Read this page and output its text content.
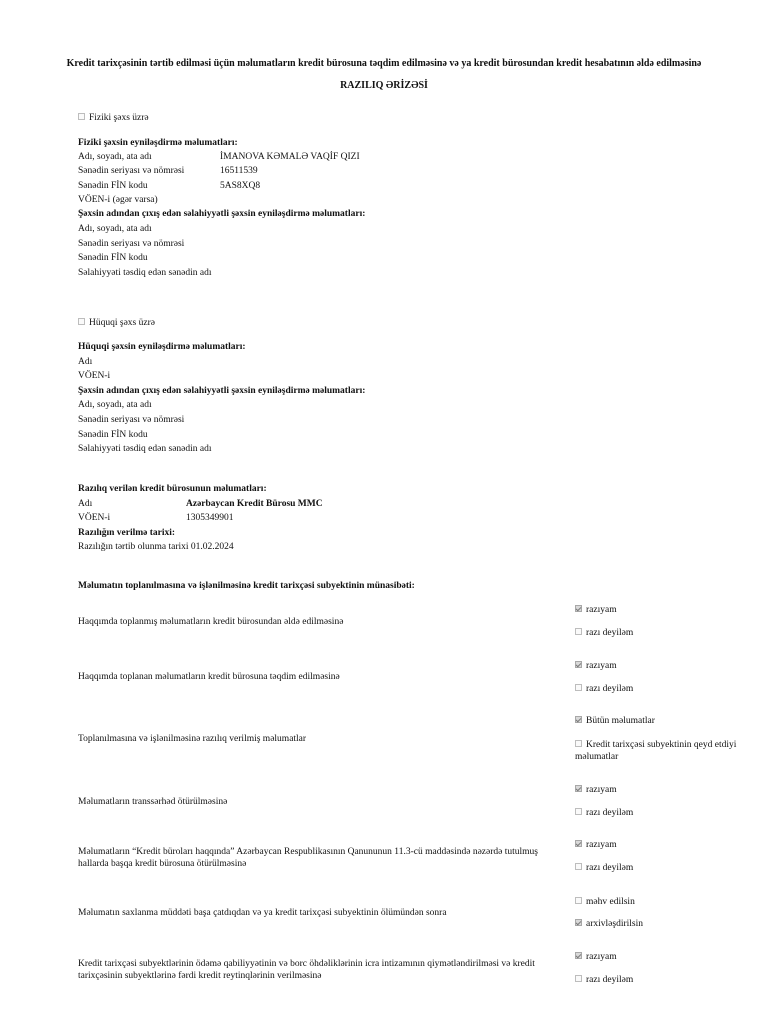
Kredit tarixçəsinin tərtib edilməsi üçün məlumatların kredit bürosuna təqdim edilməsinə və ya kredit bürosundan kredit hesabatının əldə edilməsinə
RAZILIQ ƏRİZƏSİ
Fiziki şəxs üzrə
Fiziki şəxsin eyniləşdirmə məlumatları:
Adı, soyadı, ata adı	İMANOVA KƏMALƏ VAQİF QIZI
Sənədin seriyası və nömrəsi	16511539
Sənədin FİN kodu	5AS8XQ8
VÖEN-i (əgər varsa)
Şəxsin adından çıxış edən səlahiyyətli şəxsin eyniləşdirmə məlumatları:
Adı, soyadı, ata adı
Sənədin seriyası və nömrəsi
Sənədin FİN kodu
Səlahiyyəti təsdiq edən sənədin adı
Hüquqi şəxs üzrə
Hüquqi şəxsin eyniləşdirmə məlumatları:
Adı
VÖEN-i
Şəxsin adından çıxış edən səlahiyyətli şəxsin eyniləşdirmə məlumatları:
Adı, soyadı, ata adı
Sənədin seriyası və nömrəsi
Sənədin FİN kodu
Səlahiyyəti təsdiq edən sənədin adı
Razılıq verilən kredit bürosunun məlumatları:
Adı	Azərbaycan Kredit Bürosu MMC
VÖEN-i	1305349901
Razılığın verilmə tarixi:
Razılığın tərtib olunma tarixi 01.02.2024
Məlumatın toplanılmasına və işlənilməsinə kredit tarixçəsi subyektinin münasibəti:
Haqqımda toplanmış məlumatların kredit bürosundan əldə edilməsinə
razıyam
razı deyiləm
Haqqımda toplanan məlumatların kredit bürosuna təqdim edilməsinə
razıyam
razı deyiləm
Toplanılmasına və işlənilməsinə razılıq verilmiş məlumatlar
Bütün məlumatlar
Kredit tarixçəsi subyektinin qeyd etdiyi məlumatlar
Məlumatların transsərhəd ötürülməsinə
razıyam
razı deyiləm
Məlumatların “Kredit büroları haqqında” Azərbaycan Respublikasının Qanununun 11.3-cü maddəsində nəzərdə tutulmuş hallarda başqa kredit bürosuna ötürülməsinə
razıyam
razı deyiləm
Məlumatın saxlanma müddəti başa çatdıqdan və ya kredit tarixçəsi subyektinin ölümündən sonra
məhv edilsin
arxivləşdirilsin
Kredit tarixçəsi subyektlərinin ödəmə qabiliyyətinin və borc öhdəliklərinin icra intizamının qiymətləndirilməsi və kredit tarixçəsinin subyektlərinə fərdi kredit reytinqlərinin verilməsinə
razıyam
razı deyiləm
